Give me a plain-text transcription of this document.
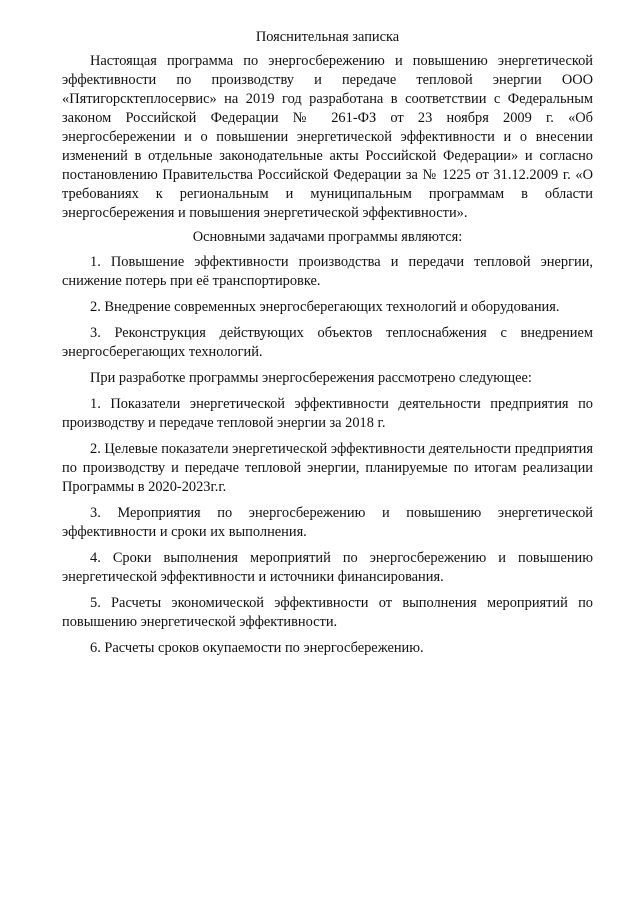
Пояснительная записка

Настоящая программа по энергосбережению и повышению энергетической эффективности по производству и передаче тепловой энергии ООО «Пятигорсктеплосервис» на 2019 год разработана в соответствии с Федеральным законом Российской Федерации № 261-ФЗ от 23 ноября 2009 г. «Об энергосбережении и о повышении энергетической эффективности и о внесении изменений в отдельные законодательные акты Российской Федерации» и согласно постановлению Правительства Российской Федерации за № 1225 от 31.12.2009 г. «О требованиях к региональным и муниципальным программам в области энергосбережения и повышения энергетической эффективности».

Основными задачами программы являются:

1. Повышение эффективности производства и передачи тепловой энергии, снижение потерь при её транспортировке.

2. Внедрение современных энергосберегающих технологий и оборудования.

3. Реконструкция действующих объектов теплоснабжения с внедрением энергосберегающих технологий.

При разработке программы энергосбережения рассмотрено следующее:

1. Показатели энергетической эффективности деятельности предприятия по производству и передаче тепловой энергии за 2018 г.

2. Целевые показатели энергетической эффективности деятельности предприятия по производству и передаче тепловой энергии, планируемые по итогам реализации Программы в 2020-2023г.г.

3. Мероприятия по энергосбережению и повышению энергетической эффективности и сроки их выполнения.

4. Сроки выполнения мероприятий по энергосбережению и повышению энергетической эффективности и источники финансирования.

5. Расчеты экономической эффективности от выполнения мероприятий по повышению энергетической эффективности.

6. Расчеты сроков окупаемости по энергосбережению.
